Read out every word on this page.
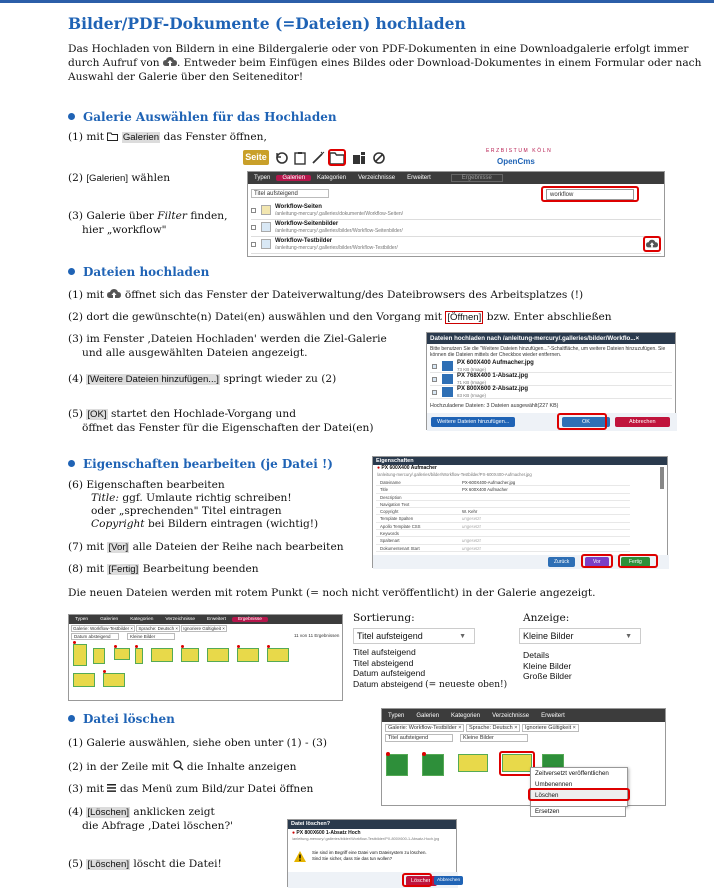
Bilder/PDF-Dokumente (=Dateien) hochladen
Das Hochladen von Bildern in eine Bildergalerie oder von PDF-Dokumenten in eine Downloadgalerie erfolgt immer durch Aufruf von . Entweder beim Einfügen eines Bildes oder Download-Dokumentes in einem Formular oder nach Auswahl der Galerie über den Seiteneditor!
Galerie Auswählen für das Hochladen
(1) mit Galerien das Fenster öffnen,
(2) [Galerien] wählen
(3) Galerie über Filter finden,
hier „workflow"
Seite
ERZBISTUM KÖLN
OpenCms
Typen	Galerien	Kategorien	Verzeichnisse	Erweitert	Ergebnisse
Titel aufsteigend	workflow
Workflow-Seiten
/anleitung-mercury/.galleries/dokumente/Workflow-Seiten/
Workflow-Seitenbilder
/anleitung-mercury/.galleries/bilder/Workflow-Seitenbilder/
Workflow-Testbilder
/anleitung-mercury/.galleries/bilder/Workflow-Testbilder/
Dateien hochladen
(1) mit öffnet sich das Fenster der Dateiverwaltung/des Dateibrowsers des Arbeitsplatzes (!)
(2) dort die gewünschte(n) Datei(en) auswählen und den Vorgang mit [Öffnen] bzw. Enter abschließen
(3) im Fenster ‚Dateien Hochladen' werden die Ziel-Galerie
und alle ausgewählten Dateien angezeigt.
(4) [Weitere Dateien hinzufügen...] springt wieder zu (2)
(5) [OK] startet den Hochlade-Vorgang und
öffnet das Fenster für die Eigenschaften der Datei(en)
Dateien hochladen nach /anleitung-mercury/.galleries/bilder/Workflo...×
Bitte benutzen Sie die "Weitere Dateien hinzufügen..."-Schaltfläche, um weitere Dateien hinzuzufügen. Sie können die Dateien mittels der Checkbox wieder entfernen.
PX 600X400 Aufmacher.jpg
73 KB (Image)
PX 768X400 1-Absatz.jpg
71 KB (Image)
PX 800X600 2-Absatz.jpg
83 KB (Image)
Hochzuladene Dateien: 3 Dateien ausgewählt(227 KB)
Weitere Dateien hinzufügen...	OK	Abbrechen
Eigenschaften bearbeiten (je Datei !)
(6) Eigenschaften bearbeiten
Title: ggf. Umlaute richtig schreiben!
oder „sprechenden" Titel eintragen
Copyright bei Bildern eintragen (wichtig!)
(7) mit [Vor] alle Dateien der Reihe nach bearbeiten
(8) mit [Fertig] Bearbeitung beenden
Die neuen Dateien werden mit rotem Punkt (= noch nicht veröffentlicht) in der Galerie angezeigt.
Eigenschaften
● PX 600X400 Aufmacher
/anleitung-mercury/.galleries/bilder/Workflow-Testbilder/PX-600X400-Aufmacher.jpg
Dateiname	PX-600X400-Aufmacher.jpg
Title	PX 600X400 Aufmacher
Description
Navigation Text
Copyright	W. Kehr
Template Spalten	ungesetzt
Apollo Template CSS	ungesetzt
Keywords
Spaltenart	ungesetzt
Dokumentenart Start	ungesetzt
Zurück	Vor	Fertig
Typen	Galerien	Kategorien	Verzeichnisse	Erweitert	Ergebnisse
Galerie: Workflow-Testbilder × Sprache: Deutsch × Ignoriere Gültigkeit ×
Datum absteigend	Kleine Bilder	11 von 11 Ergebnissen
Sortierung:
Titel aufsteigend	▼
Titel aufsteigend
Titel absteigend
Datum aufsteigend
Datum absteigend (= neueste oben!)
Anzeige:
Kleine Bilder	▼
Details
Kleine Bilder
Große Bilder
Datei löschen
(1) Galerie auswählen, siehe oben unter (1) - (3)
(2) in der Zeile mit die Inhalte anzeigen
(3) mit das Menü zum Bild/zur Datei öffnen
(4) [Löschen] anklicken zeigt
die Abfrage ‚Datei löschen?'
(5) [Löschen] löscht die Datei!
Typen	Galerien	Kategorien	Verzeichnisse	Erweitert
Galerie: Workflow-Testbilder × Sprache: Deutsch × Ignoriere Gültigkeit ×
Titel aufsteigend	Kleine Bilder
Zeitversetzt veröffentlichen
Umbenennen
Löschen
Ersetzen
Datei löschen?
● PX 800X600 1-Absatz Hoch
/anleitung-mercury/.galleries/bilder/Workflow-Testbilder/PX-800X600-1-Absatz-Hoch.jpg
Sie sind im Begriff eine Datei vom Dateisystem zu löschen.
Sind Sie sicher, dass Sie das tun wollen?
Löschen	Abbrechen
